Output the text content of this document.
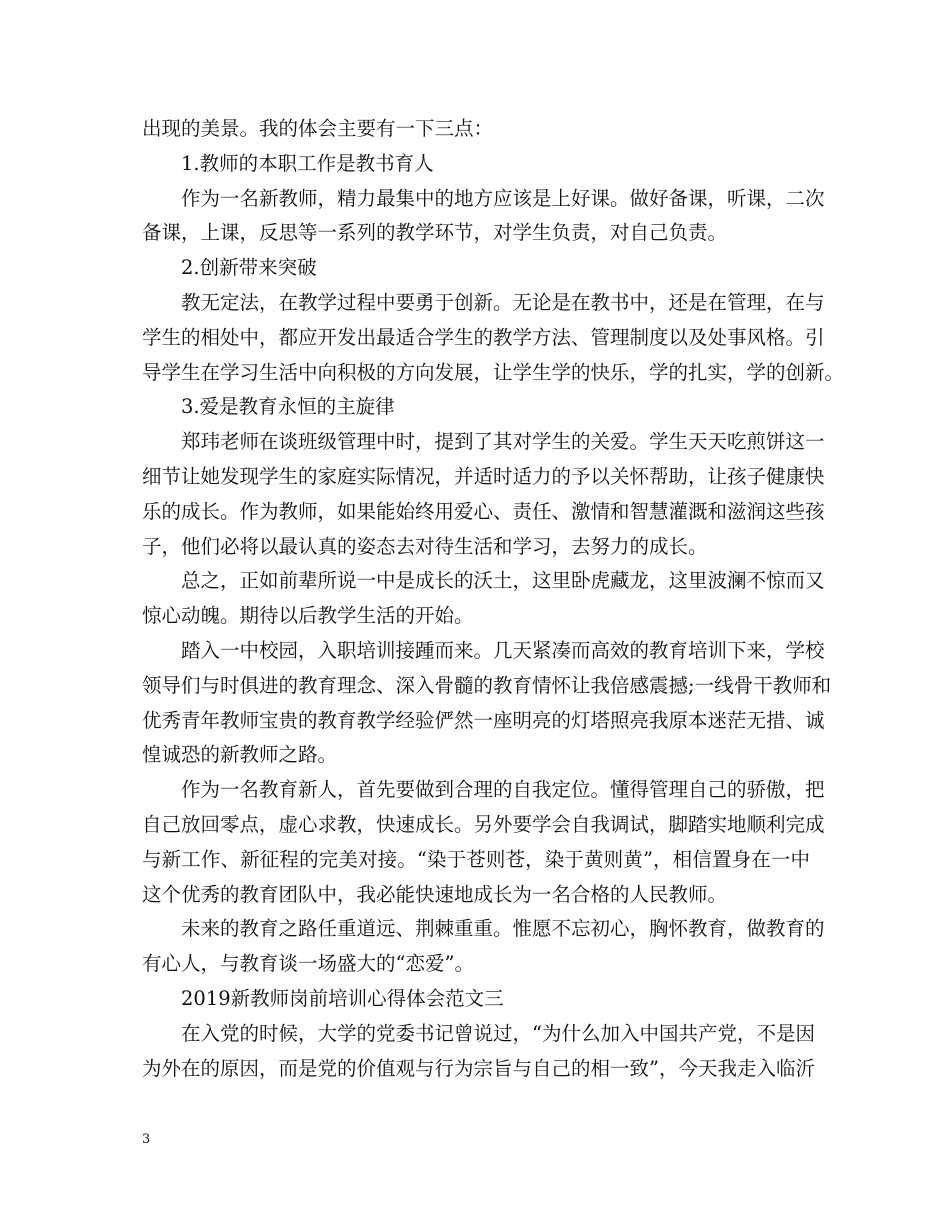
出现的美景。我的体会主要有一下三点：
1.教师的本职工作是教书育人
作为一名新教师，精力最集中的地方应该是上好课。做好备课，听课，二次
备课，上课，反思等一系列的教学环节，对学生负责，对自己负责。
2.创新带来突破
教无定法，在教学过程中要勇于创新。无论是在教书中，还是在管理，在与
学生的相处中，都应开发出最适合学生的教学方法、管理制度以及处事风格。引
导学生在学习生活中向积极的方向发展，让学生学的快乐，学的扎实，学的创新。
3.爱是教育永恒的主旋律
郑玮老师在谈班级管理中时，提到了其对学生的关爱。学生天天吃煎饼这一
细节让她发现学生的家庭实际情况，并适时适力的予以关怀帮助，让孩子健康快
乐的成长。作为教师，如果能始终用爱心、责任、激情和智慧灌溉和滋润这些孩
子，他们必将以最认真的姿态去对待生活和学习，去努力的成长。
总之，正如前辈所说一中是成长的沃土，这里卧虎藏龙，这里波澜不惊而又
惊心动魄。期待以后教学生活的开始。
踏入一中校园，入职培训接踵而来。几天紧凑而高效的教育培训下来，学校
领导们与时俱进的教育理念、深入骨髓的教育情怀让我倍感震撼;一线骨干教师和
优秀青年教师宝贵的教育教学经验俨然一座明亮的灯塔照亮我原本迷茫无措、诚
惶诚恐的新教师之路。
作为一名教育新人，首先要做到合理的自我定位。懂得管理自己的骄傲，把
自己放回零点，虚心求教，快速成长。另外要学会自我调试，脚踏实地顺利完成
与新工作、新征程的完美对接。“染于苍则苍，染于黄则黄”，相信置身在一中
这个优秀的教育团队中，我必能快速地成长为一名合格的人民教师。
未来的教育之路任重道远、荆棘重重。惟愿不忘初心，胸怀教育，做教育的
有心人，与教育谈一场盛大的“恋爱”。
2019新教师岗前培训心得体会范文三
在入党的时候，大学的党委书记曾说过，“为什么加入中国共产党，不是因
为外在的原因，而是党的价值观与行为宗旨与自己的相一致”，今天我走入临沂
3
